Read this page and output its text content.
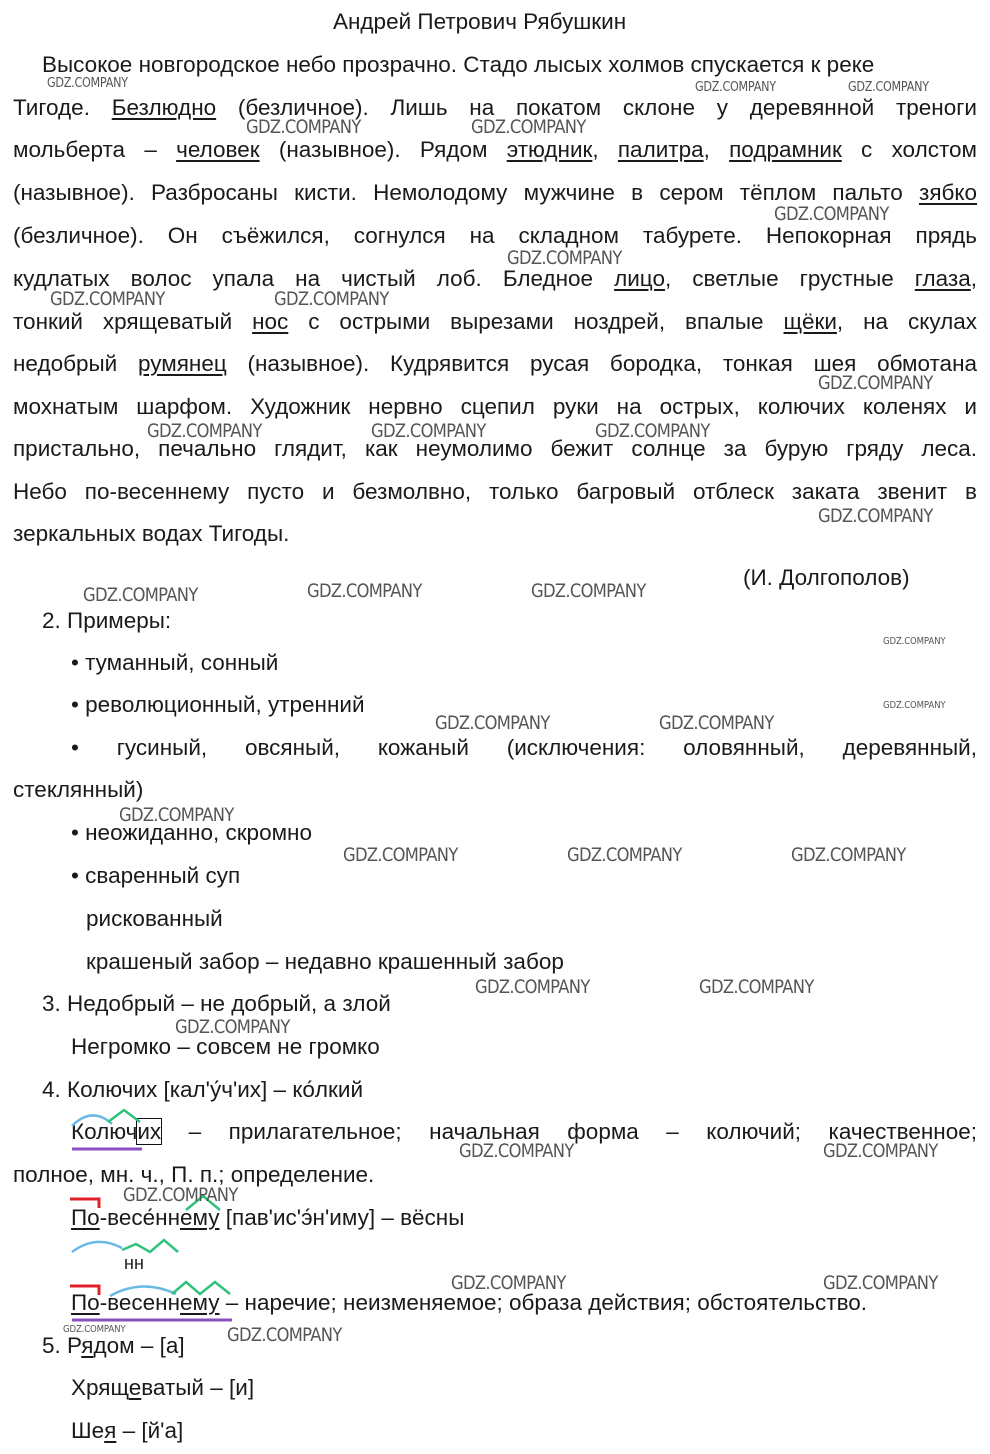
Андрей Петрович Рябушкин
Высокое новгородское небо прозрачно. Стадо лысых холмов спускается к реке
Тигоде. Безлюдно (безличное). Лишь на покатом склоне у деревянной треноги
мольберта – человек (назывное). Рядом этюдник, палитра, подрамник с холстом
(назывное). Разбросаны кисти. Немолодому мужчине в сером тёплом пальто зябко
(безличное). Он съёжился, согнулся на складном табурете. Непокорная прядь
кудлатых волос упала на чистый лоб. Бледное лицо, светлые грустные глаза,
тонкий хрящеватый нос с острыми вырезами ноздрей, впалые щёки, на скулах
недобрый румянец (назывное). Кудрявится русая бородка, тонкая шея обмотана
мохнатым шарфом. Художник нервно сцепил руки на острых, колючих коленях и
пристально, печально глядит, как неумолимо бежит солнце за бурую гряду леса.
Небо по-весеннему пусто и безмолвно, только багровый отблеск заката звенит в
зеркальных водах Тигоды.
(И. Долгополов)
2. Примеры:
• туманный, сонный
• революционный, утренний
• гусиный, овсяный, кожаный (исключения: оловянный, деревянный,
стеклянный)
• неожиданно, скромно
• сваренный суп
рискованный
крашеный забор – недавно крашенный забор
3. Недобрый – не добрый, а злой
Негромко – совсем не громко
4. Колючих [кал'у́ч'их] – ко́лкий
Колючих – прилагательное; начальная форма – колючий; качественное;
полное, мн. ч., П. п.; определение.
По-весе́ннему [пав'ис'э́н'иму] – вёсны
нн
По-весеннему – наречие; неизменяемое; образа действия; обстоятельство.
5. Рядом – [а]
Хрящеватый – [и]
Шея – [й'а]
GDZ.COMPANY	GDZ.COMPANY	GDZ.COMPANY
GDZ.COMPANY	GDZ.COMPANY
GDZ.COMPANY
GDZ.COMPANY
GDZ.COMPANY	GDZ.COMPANY
GDZ.COMPANY
GDZ.COMPANY	GDZ.COMPANY	GDZ.COMPANY
GDZ.COMPANY
GDZ.COMPANY	GDZ.COMPANY	GDZ.COMPANY
GDZ.COMPANY
GDZ.COMPANY
GDZ.COMPANY	GDZ.COMPANY
GDZ.COMPANY
GDZ.COMPANY	GDZ.COMPANY	GDZ.COMPANY
GDZ.COMPANY	GDZ.COMPANY
GDZ.COMPANY
GDZ.COMPANY	GDZ.COMPANY
GDZ.COMPANY
GDZ.COMPANY	GDZ.COMPANY
GDZ.COMPANY	GDZ.COMPANY
